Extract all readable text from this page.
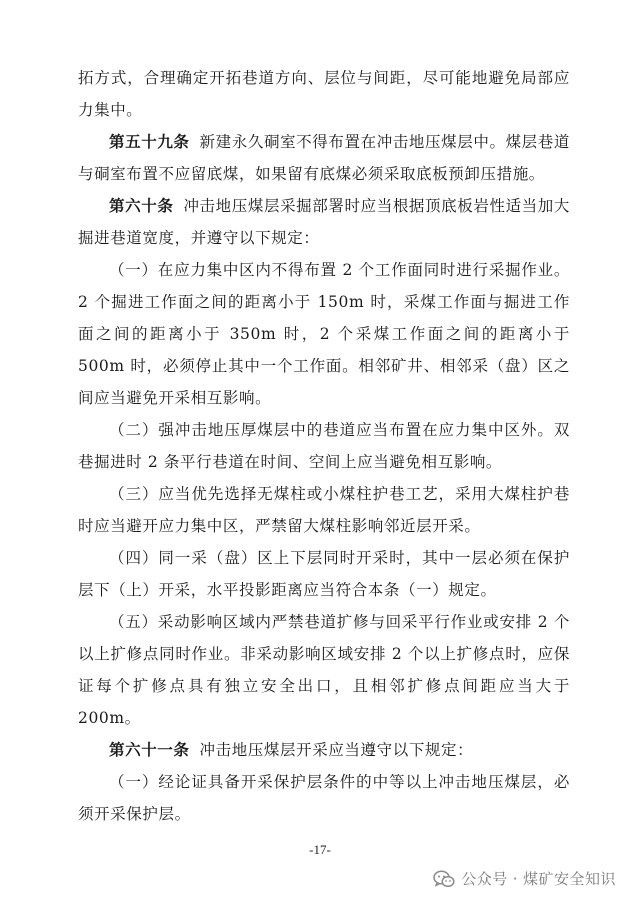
拓方式，合理确定开拓巷道方向、层位与间距，尽可能地避免局部应力集中。

第五十九条 新建永久硐室不得布置在冲击地压煤层中。煤层巷道与硐室布置不应留底煤，如果留有底煤必须采取底板预卸压措施。

第六十条 冲击地压煤层采掘部署时应当根据顶底板岩性适当加大掘进巷道宽度，并遵守以下规定：

（一）在应力集中区内不得布置 2 个工作面同时进行采掘作业。2 个掘进工作面之间的距离小于 150m 时，采煤工作面与掘进工作面之间的距离小于 350m 时，2 个采煤工作面之间的距离小于 500m 时，必须停止其中一个工作面。相邻矿井、相邻采（盘）区之间应当避免开采相互影响。

（二）强冲击地压厚煤层中的巷道应当布置在应力集中区外。双巷掘进时 2 条平行巷道在时间、空间上应当避免相互影响。

（三）应当优先选择无煤柱或小煤柱护巷工艺，采用大煤柱护巷时应当避开应力集中区，严禁留大煤柱影响邻近层开采。

（四）同一采（盘）区上下层同时开采时，其中一层必须在保护层下（上）开采，水平投影距离应当符合本条（一）规定。

（五）采动影响区域内严禁巷道扩修与回采平行作业或安排 2 个以上扩修点同时作业。非采动影响区域安排 2 个以上扩修点时，应保证每个扩修点具有独立安全出口，且相邻扩修点间距应当大于 200m。

第六十一条 冲击地压煤层开采应当遵守以下规定：

（一）经论证具备开采保护层条件的中等以上冲击地压煤层，必须开采保护层。

-17-
公众号 · 煤矿安全知识
